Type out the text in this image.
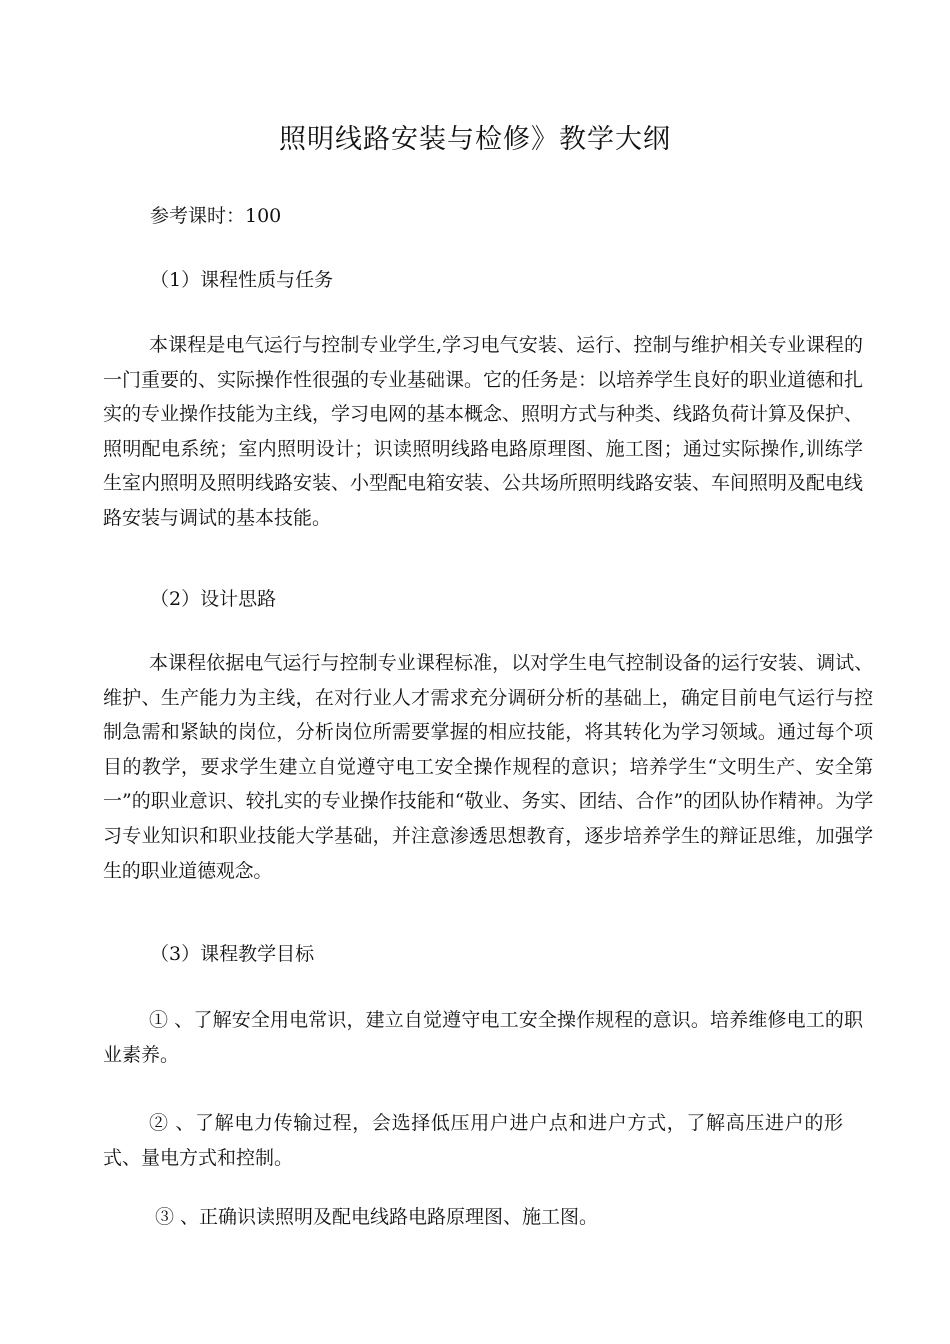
照明线路安装与检修》教学大纲
参考课时：100
（1）课程性质与任务
本课程是电气运行与控制专业学生,学习电气安装、运行、控制与维护相关专业课程的一门重要的、实际操作性很强的专业基础课。它的任务是：以培养学生良好的职业道德和扎实的专业操作技能为主线，学习电网的基本概念、照明方式与种类、线路负荷计算及保护、照明配电系统；室内照明设计；识读照明线路电路原理图、施工图；通过实际操作,训练学生室内照明及照明线路安装、小型配电箱安装、公共场所照明线路安装、车间照明及配电线路安装与调试的基本技能。
（2）设计思路
本课程依据电气运行与控制专业课程标准，以对学生电气控制设备的运行安装、调试、维护、生产能力为主线，在对行业人才需求充分调研分析的基础上，确定目前电气运行与控制急需和紧缺的岗位，分析岗位所需要掌握的相应技能，将其转化为学习领域。通过每个项目的教学，要求学生建立自觉遵守电工安全操作规程的意识；培养学生“文明生产、安全第一”的职业意识、较扎实的专业操作技能和“敬业、务实、团结、合作”的团队协作精神。为学习专业知识和职业技能大学基础，并注意渗透思想教育，逐步培养学生的辩证思维，加强学生的职业道德观念。
（3）课程教学目标
① 、了解安全用电常识，建立自觉遵守电工安全操作规程的意识。培养维修电工的职业素养。
② 、了解电力传输过程，会选择低压用户进户点和进户方式，了解高压进户的形式、量电方式和控制。
③ 、正确识读照明及配电线路电路原理图、施工图。
